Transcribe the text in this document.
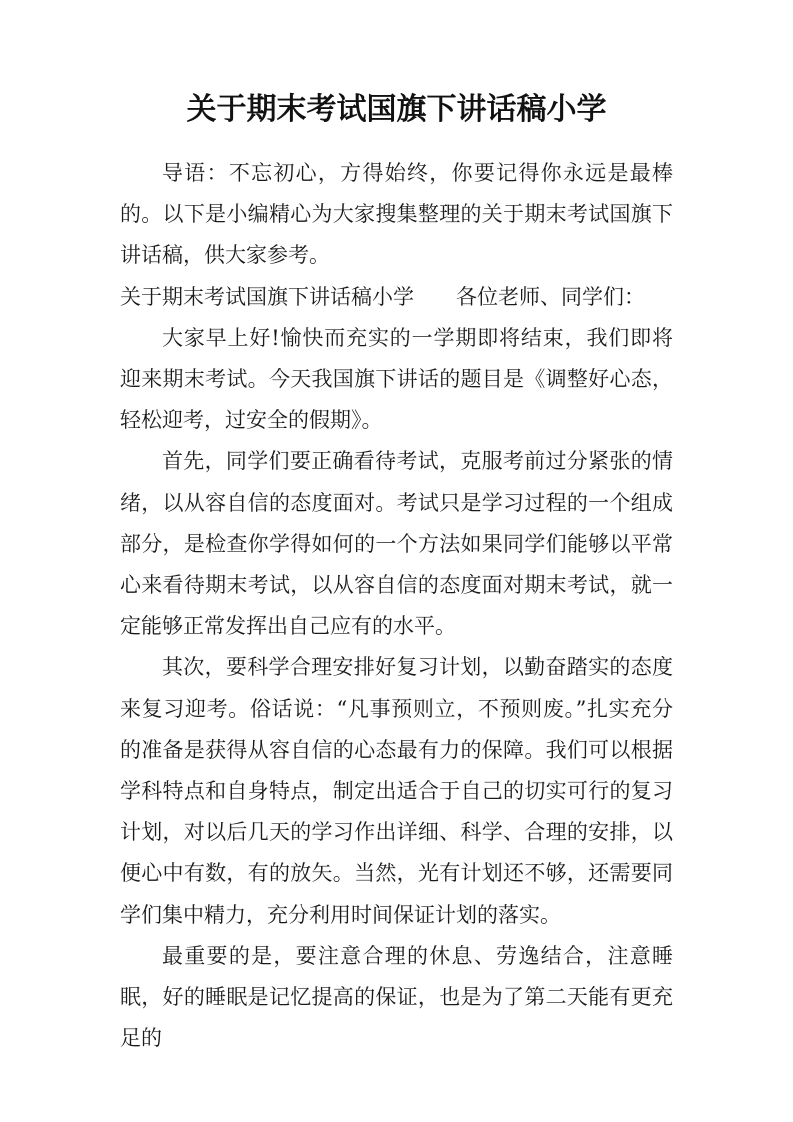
关于期末考试国旗下讲话稿小学

导语：不忘初心，方得始终，你要记得你永远是最棒的。以下是小编精心为大家搜集整理的关于期末考试国旗下讲话稿，供大家参考。

关于期末考试国旗下讲话稿小学　　各位老师、同学们：

大家早上好!愉快而充实的一学期即将结束，我们即将迎来期末考试。今天我国旗下讲话的题目是《调整好心态，轻松迎考，过安全的假期》。

首先，同学们要正确看待考试，克服考前过分紧张的情绪，以从容自信的态度面对。考试只是学习过程的一个组成部分，是检查你学得如何的一个方法如果同学们能够以平常心来看待期末考试，以从容自信的态度面对期末考试，就一定能够正常发挥出自己应有的水平。

其次，要科学合理安排好复习计划，以勤奋踏实的态度来复习迎考。俗话说：“凡事预则立，不预则废。”扎实充分的准备是获得从容自信的心态最有力的保障。我们可以根据学科特点和自身特点，制定出适合于自己的切实可行的复习计划，对以后几天的学习作出详细、科学、合理的安排，以便心中有数，有的放矢。当然，光有计划还不够，还需要同学们集中精力，充分利用时间保证计划的落实。

最重要的是，要注意合理的休息、劳逸结合，注意睡眠，好的睡眠是记忆提高的保证，也是为了第二天能有更充足的
